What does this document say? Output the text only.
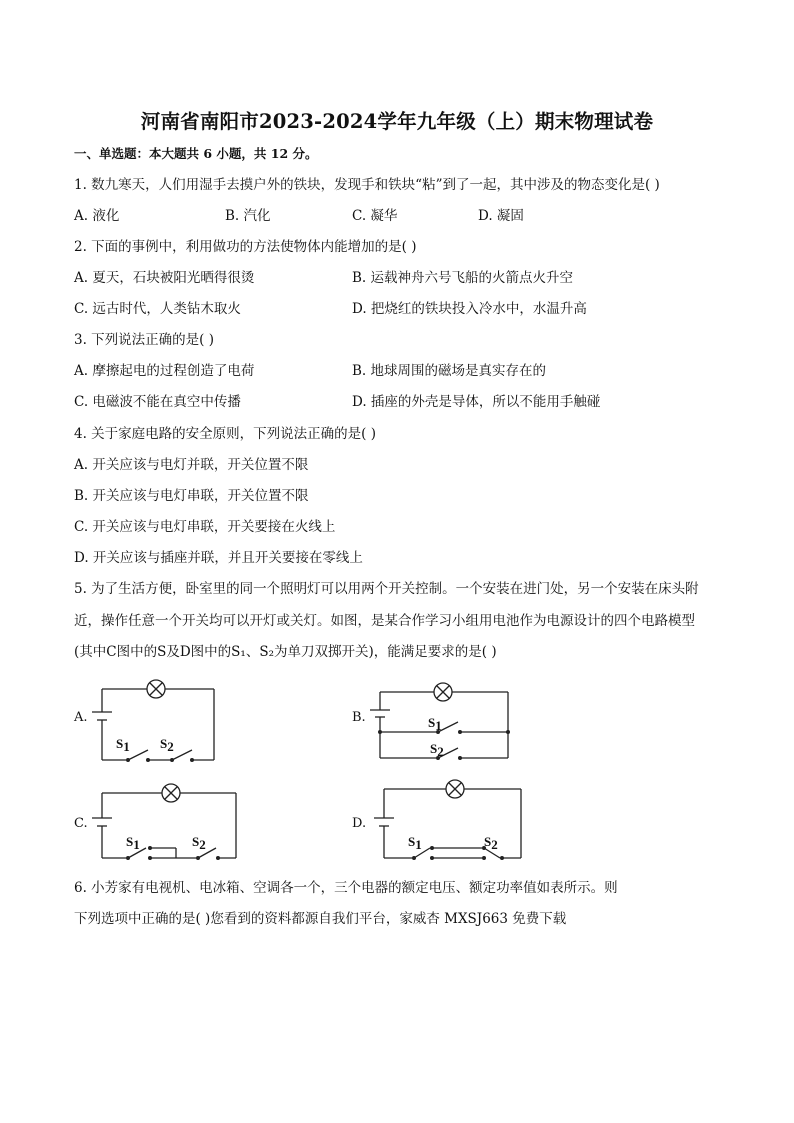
河南省南阳市2023-2024学年九年级（上）期末物理试卷
一、单选题：本大题共 6 小题，共 12 分。
1. 数九寒天，人们用湿手去摸户外的铁块，发现手和铁块“粘”到了一起，其中涉及的物态变化是( )
A. 液化	B. 汽化	C. 凝华	D. 凝固
2. 下面的事例中，利用做功的方法使物体内能增加的是( )
A. 夏天，石块被阳光晒得很烫	B. 运载神舟六号飞船的火箭点火升空
C. 远古时代，人类钻木取火	D. 把烧红的铁块投入冷水中，水温升高
3. 下列说法正确的是( )
A. 摩擦起电的过程创造了电荷	B. 地球周围的磁场是真实存在的
C. 电磁波不能在真空中传播	D. 插座的外壳是导体，所以不能用手触碰
4. 关于家庭电路的安全原则，下列说法正确的是( )
A. 开关应该与电灯并联，开关位置不限
B. 开关应该与电灯串联，开关位置不限
C. 开关应该与电灯串联，开关要接在火线上
D. 开关应该与插座并联，并且开关要接在零线上
5. 为了生活方便，卧室里的同一个照明灯可以用两个开关控制。一个安装在进门处，另一个安装在床头附
近，操作任意一个开关均可以开灯或关灯。如图，是某合作学习小组用电池作为电源设计的四个电路模型
(其中C图中的S及D图中的S₁、S₂为单刀双掷开关)，能满足要求的是( )
A.
S1 S2
B.	S1
S2
C.
S1	S2
D.
S1	S2
6. 小芳家有电视机、电冰箱、空调各一个，三个电器的额定电压、额定功率值如表所示。则
下列选项中正确的是( )您看到的资料都源自我们平台，家威杏 MXSJ663 免费下载
